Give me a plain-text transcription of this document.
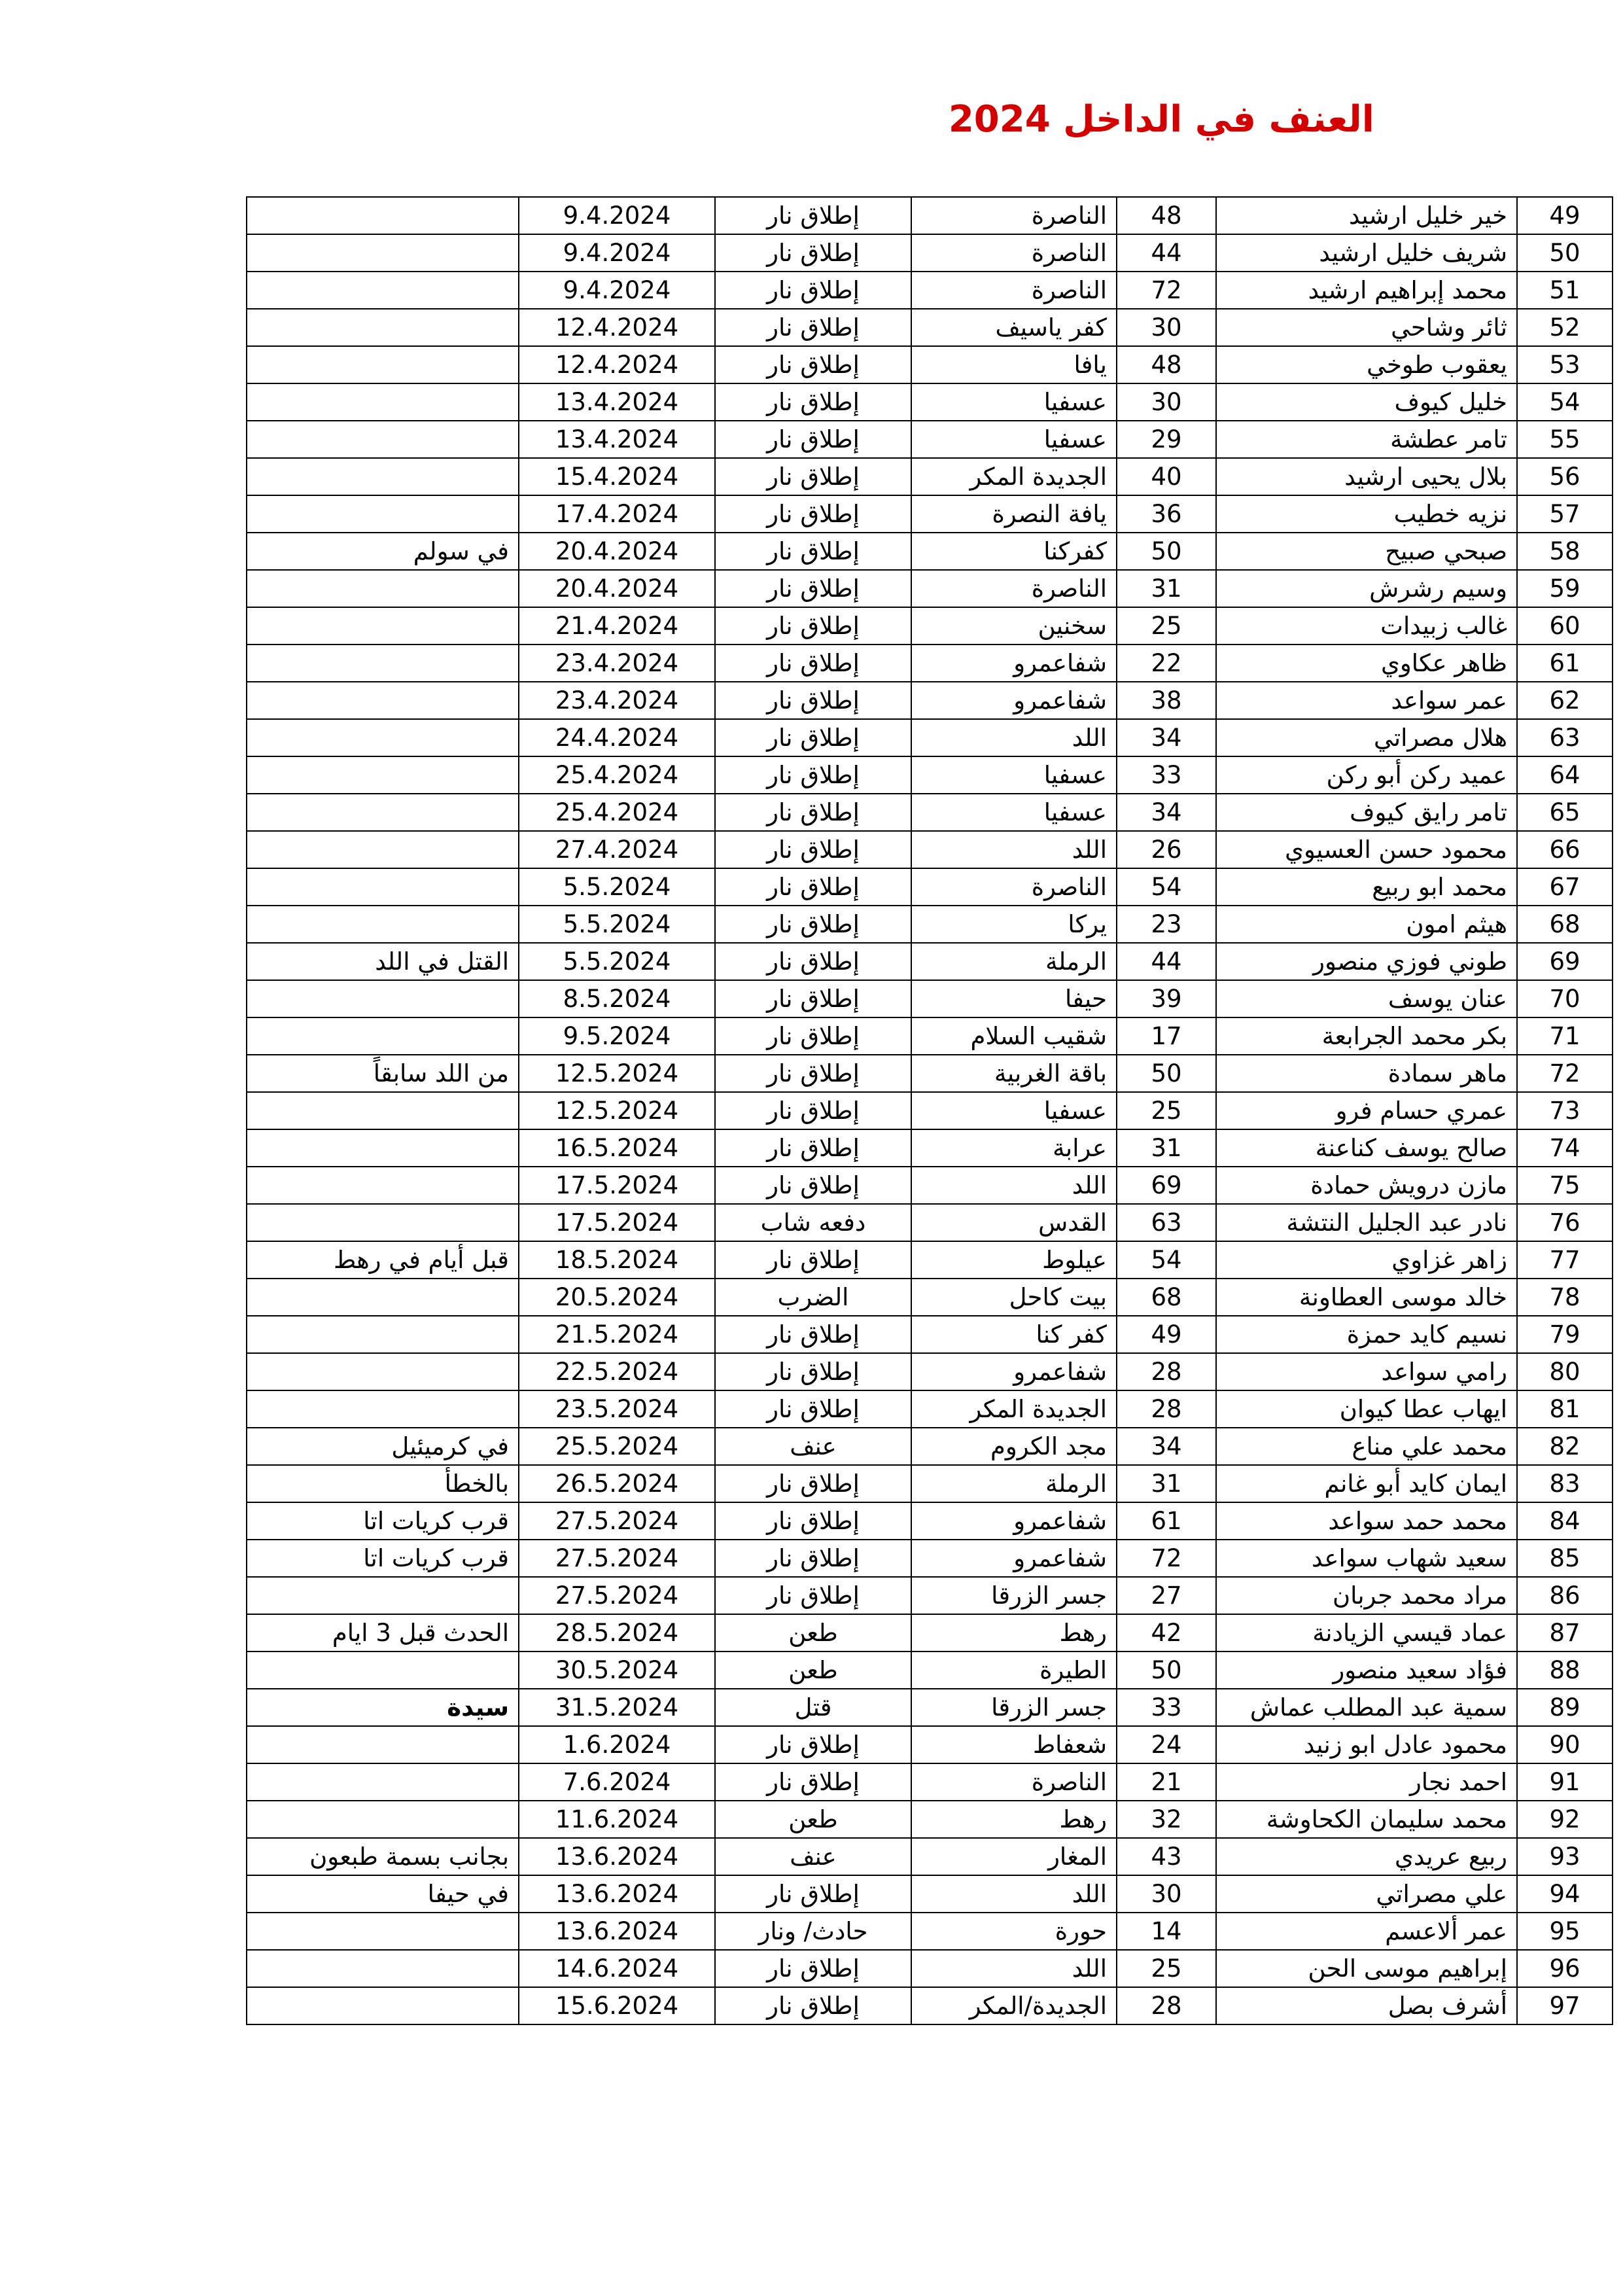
العنف في الداخل 2024
49	خير خليل ارشيد	48	الناصرة	إطلاق نار	9.4.2024	
50	شريف خليل ارشيد	44	الناصرة	إطلاق نار	9.4.2024	
51	محمد إبراهيم ارشيد	72	الناصرة	إطلاق نار	9.4.2024	
52	ثائر وشاحي	30	كفر ياسيف	إطلاق نار	12.4.2024	
53	يعقوب طوخي	48	يافا	إطلاق نار	12.4.2024	
54	خليل كيوف	30	عسفيا	إطلاق نار	13.4.2024	
55	تامر عطشة	29	عسفيا	إطلاق نار	13.4.2024	
56	بلال يحيى ارشيد	40	الجديدة المكر	إطلاق نار	15.4.2024	
57	نزيه خطيب	36	يافة النصرة	إطلاق نار	17.4.2024	
58	صبحي صبيح	50	كفركنا	إطلاق نار	20.4.2024	في سولم
59	وسيم رشرش	31	الناصرة	إطلاق نار	20.4.2024	
60	غالب زبيدات	25	سخنين	إطلاق نار	21.4.2024	
61	ظاهر عكاوي	22	شفاعمرو	إطلاق نار	23.4.2024	
62	عمر سواعد	38	شفاعمرو	إطلاق نار	23.4.2024	
63	هلال مصراتي	34	اللد	إطلاق نار	24.4.2024	
64	عميد ركن أبو ركن	33	عسفيا	إطلاق نار	25.4.2024	
65	تامر رايق كيوف	34	عسفيا	إطلاق نار	25.4.2024	
66	محمود حسن العسيوي	26	اللد	إطلاق نار	27.4.2024	
67	محمد ابو ربيع	54	الناصرة	إطلاق نار	5.5.2024	
68	هيثم امون	23	يركا	إطلاق نار	5.5.2024	
69	طوني فوزي منصور	44	الرملة	إطلاق نار	5.5.2024	القتل في اللد
70	عنان يوسف	39	حيفا	إطلاق نار	8.5.2024	
71	بكر محمد الجرابعة	17	شقيب السلام	إطلاق نار	9.5.2024	
72	ماهر سمادة	50	باقة الغربية	إطلاق نار	12.5.2024	من اللد سابقاً
73	عمري حسام فرو	25	عسفيا	إطلاق نار	12.5.2024	
74	صالح يوسف كناعنة	31	عرابة	إطلاق نار	16.5.2024	
75	مازن درويش حمادة	69	اللد	إطلاق نار	17.5.2024	
76	نادر عبد الجليل النتشة	63	القدس	دفعه شاب	17.5.2024	
77	زاهر غزاوي	54	عيلوط	إطلاق نار	18.5.2024	قبل أيام في رهط
78	خالد موسى العطاونة	68	بيت كاحل	الضرب	20.5.2024	
79	نسيم كايد حمزة	49	كفر كنا	إطلاق نار	21.5.2024	
80	رامي سواعد	28	شفاعمرو	إطلاق نار	22.5.2024	
81	ايهاب عطا كيوان	28	الجديدة المكر	إطلاق نار	23.5.2024	
82	محمد علي مناع	34	مجد الكروم	عنف	25.5.2024	في كرميئيل
83	ايمان كايد أبو غانم	31	الرملة	إطلاق نار	26.5.2024	بالخطأ
84	محمد حمد سواعد	61	شفاعمرو	إطلاق نار	27.5.2024	قرب كريات اتا
85	سعيد شهاب سواعد	72	شفاعمرو	إطلاق نار	27.5.2024	قرب كريات اتا
86	مراد محمد جربان	27	جسر الزرقا	إطلاق نار	27.5.2024	
87	عماد قيسي الزيادنة	42	رهط	طعن	28.5.2024	الحدث قبل 3 ايام
88	فؤاد سعيد منصور	50	الطيرة	طعن	30.5.2024	
89	سمية عبد المطلب عماش	33	جسر الزرقا	قتل	31.5.2024	سيدة
90	محمود عادل ابو زنيد	24	شعفاط	إطلاق نار	1.6.2024	
91	احمد نجار	21	الناصرة	إطلاق نار	7.6.2024	
92	محمد سليمان الكحاوشة	32	رهط	طعن	11.6.2024	
93	ربيع عريدي	43	المغار	عنف	13.6.2024	بجانب بسمة طبعون
94	علي مصراتي	30	اللد	إطلاق نار	13.6.2024	في حيفا
95	عمر ألاعسم	14	حورة	حادث/ ونار	13.6.2024	
96	إبراهيم موسى الحن	25	اللد	إطلاق نار	14.6.2024	
97	أشرف بصل	28	الجديدة/المكر	إطلاق نار	15.6.2024	
